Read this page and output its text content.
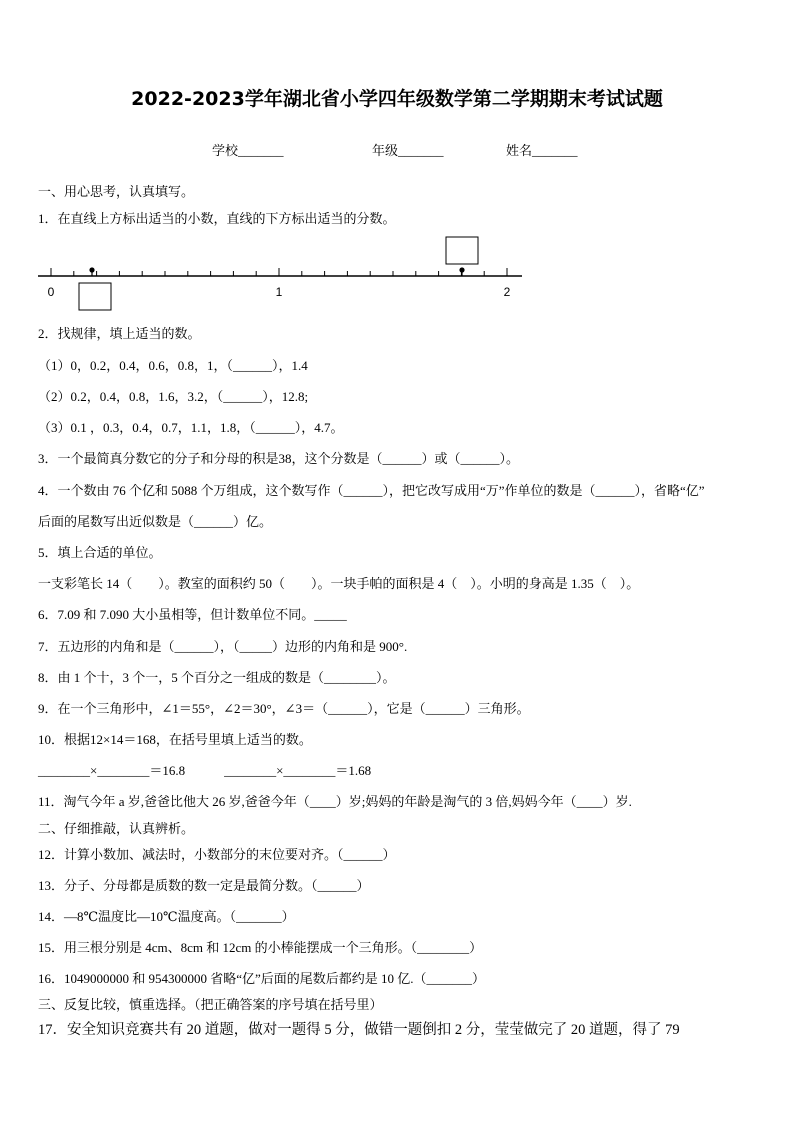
2022-2023学年湖北省小学四年级数学第二学期期末考试试题
学校_______	年级_______	姓名_______
一、用心思考，认真填写。
1．在直线上方标出适当的小数，直线的下方标出适当的分数。
0	1	2
2．找规律，填上适当的数。
（1）0，0.2，0.4，0.6，0.8，1，（______），1.4
（2）0.2，0.4，0.8，1.6，3.2，（______），12.8;
（3）0.1 ，0.3，0.4，0.7，1.1，1.8，（______），4.7。
3．一个最简真分数它的分子和分母的积是38，这个分数是（______）或（______）。
4．一个数由 76 个亿和 5088 个万组成，这个数写作（______），把它改写成用“万”作单位的数是（______），省略“亿”
后面的尾数写出近似数是（______）亿。
5．填上合适的单位。
一支彩笔长 14（　　）。教室的面积约 50（　　）。一块手帕的面积是 4（　）。小明的身高是 1.35（　）。
6．7.09 和 7.090 大小虽相等，但计数单位不同。_____
7．五边形的内角和是（______），（_____）边形的内角和是 900°.
8．由 1 个十，3 个一，5 个百分之一组成的数是（________）。
9．在一个三角形中，∠1＝55°，∠2＝30°，∠3＝（______），它是（______）三角形。
10．根据12×14＝168，在括号里填上适当的数。
________×________＝16.8　　　________×________＝1.68
11．淘气今年 a 岁,爸爸比他大 26 岁,爸爸今年（____）岁;妈妈的年龄是淘气的 3 倍,妈妈今年（____）岁.
二、仔细推敲，认真辨析。
12．计算小数加、减法时，小数部分的末位要对齐。（______）
13．分子、分母都是质数的数一定是最简分数。（______）
14．—8℃温度比—10℃温度高。（_______）
15．用三根分别是 4cm、8cm 和 12cm 的小棒能摆成一个三角形。（________）
16．1049000000 和 954300000 省略“亿”后面的尾数后都约是 10 亿.（_______）
三、反复比较，慎重选择。（把正确答案的序号填在括号里）
17．安全知识竞赛共有 20 道题，做对一题得 5 分，做错一题倒扣 2 分，莹莹做完了 20 道题，得了 79
